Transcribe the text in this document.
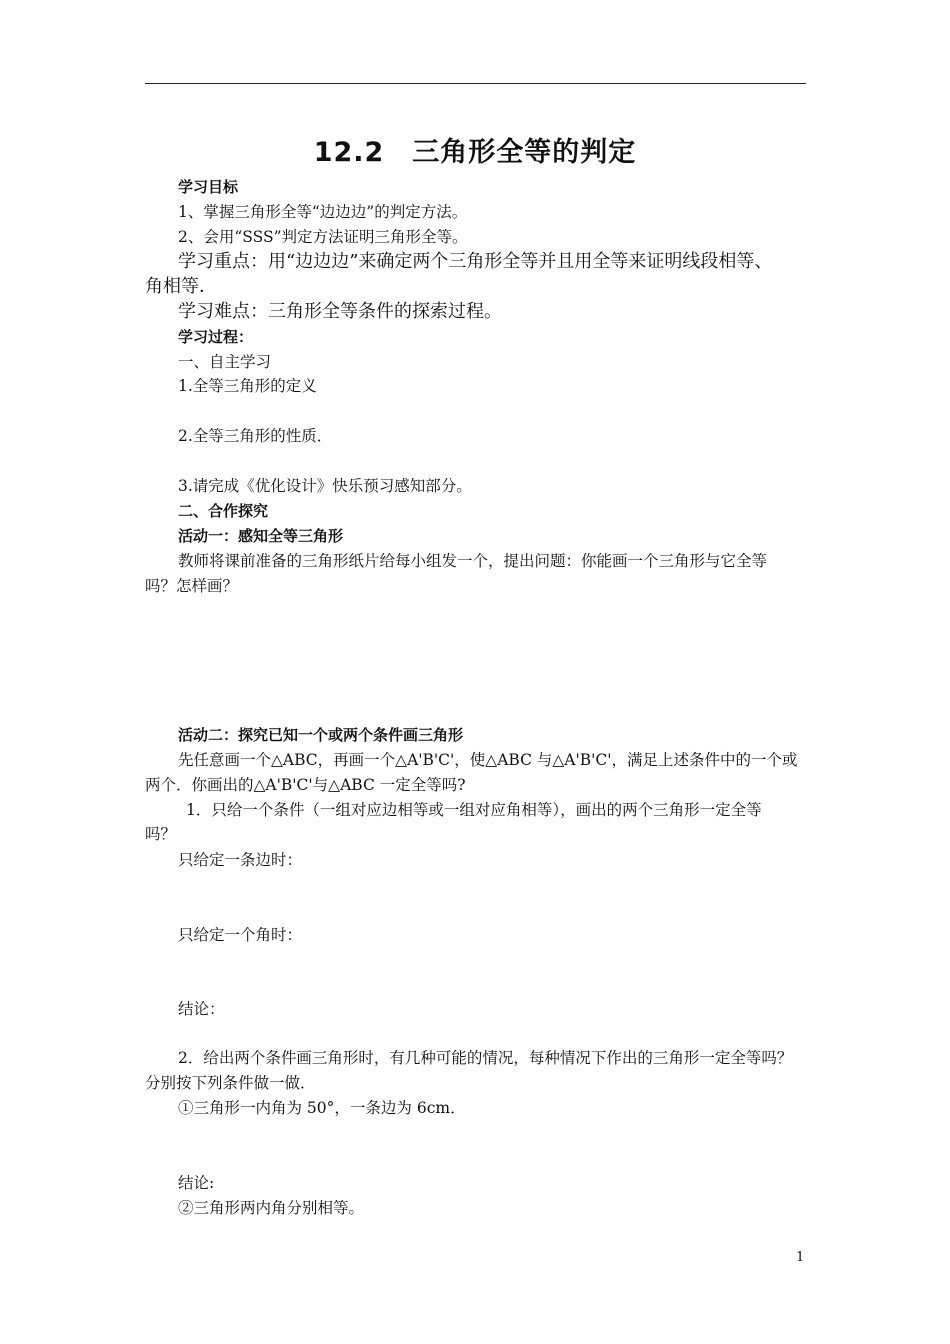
12.2　三角形全等的判定
学习目标
1、掌握三角形全等“边边边”的判定方法。
2、会用“SSS”判定方法证明三角形全等。
学习重点：用“边边边”来确定两个三角形全等并且用全等来证明线段相等、
角相等．
学习难点：三角形全等条件的探索过程。
学习过程：
一、自主学习
1.全等三角形的定义
2.全等三角形的性质．
3.请完成《优化设计》快乐预习感知部分。
二、合作探究
活动一：感知全等三角形
教师将课前准备的三角形纸片给每小组发一个，提出问题：你能画一个三角形与它全等
吗？怎样画？
活动二：探究已知一个或两个条件画三角形
先任意画一个△ABC，再画一个△A'B'C'，使△ABC 与△A'B'C'，满足上述条件中的一个或
两个．你画出的△A'B'C'与△ABC 一定全等吗?
1．只给一个条件（一组对应边相等或一组对应角相等），画出的两个三角形一定全等
吗？
只给定一条边时：
只给定一个角时：
结论：
2．给出两个条件画三角形时，有几种可能的情况，每种情况下作出的三角形一定全等吗？
分别按下列条件做一做．
①三角形一内角为 50°，一条边为 6cm．
结论:
②三角形两内角分别相等。
1
